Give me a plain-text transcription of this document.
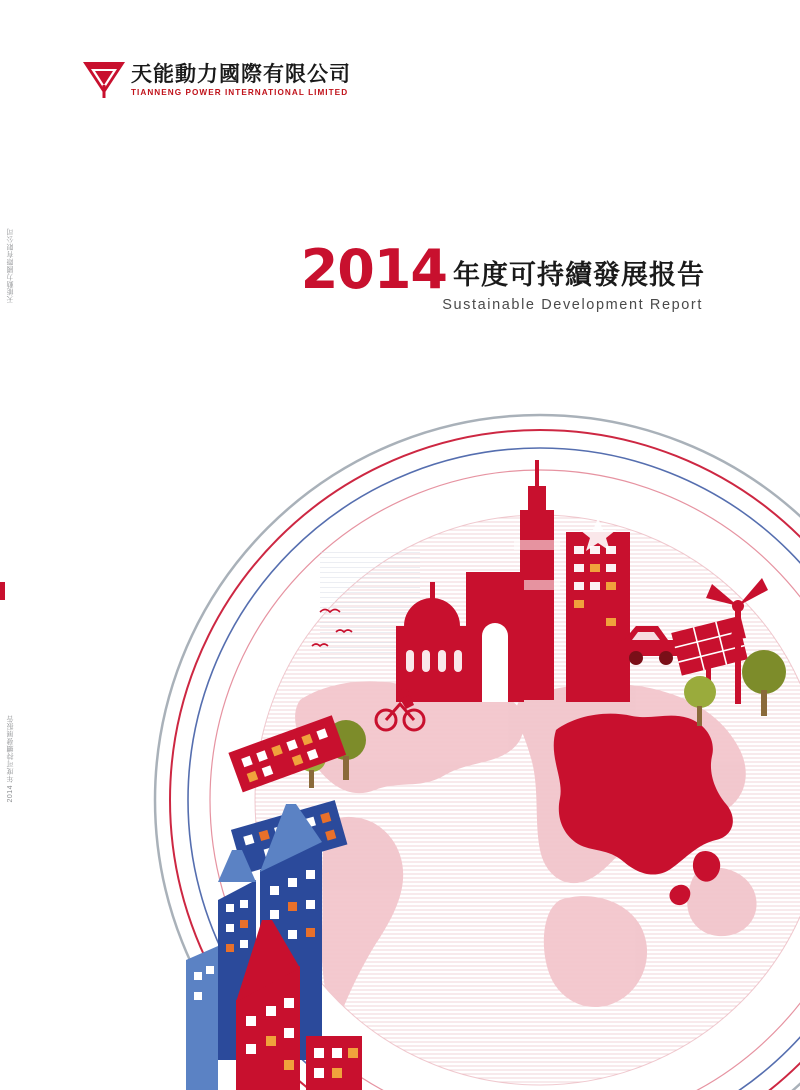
天能動力國際有限公司
2014 年度可持續發展报告
天能動力國際有限公司
TIANNENG POWER INTERNATIONAL LIMITED
2014 年度可持續發展报告
Sustainable Development Report
